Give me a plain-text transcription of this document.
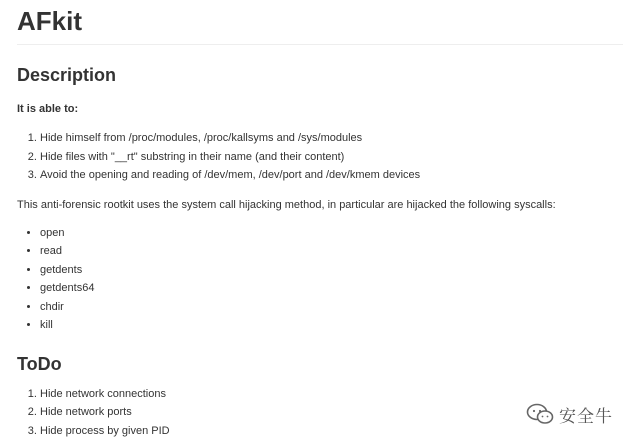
AFkit
Description

It is able to:

1. Hide himself from /proc/modules, /proc/kallsyms and /sys/modules
2. Hide files with "__rt" substring in their name (and their content)
3. Avoid the opening and reading of /dev/mem, /dev/port and /dev/kmem devices

This anti-forensic rootkit uses the system call hijacking method, in particular are hijacked the following syscalls:

• open
• read
• getdents
• getdents64
• chdir
• kill
ToDo
1. Hide network connections
2. Hide network ports
3. Hide process by given PID
安全牛
